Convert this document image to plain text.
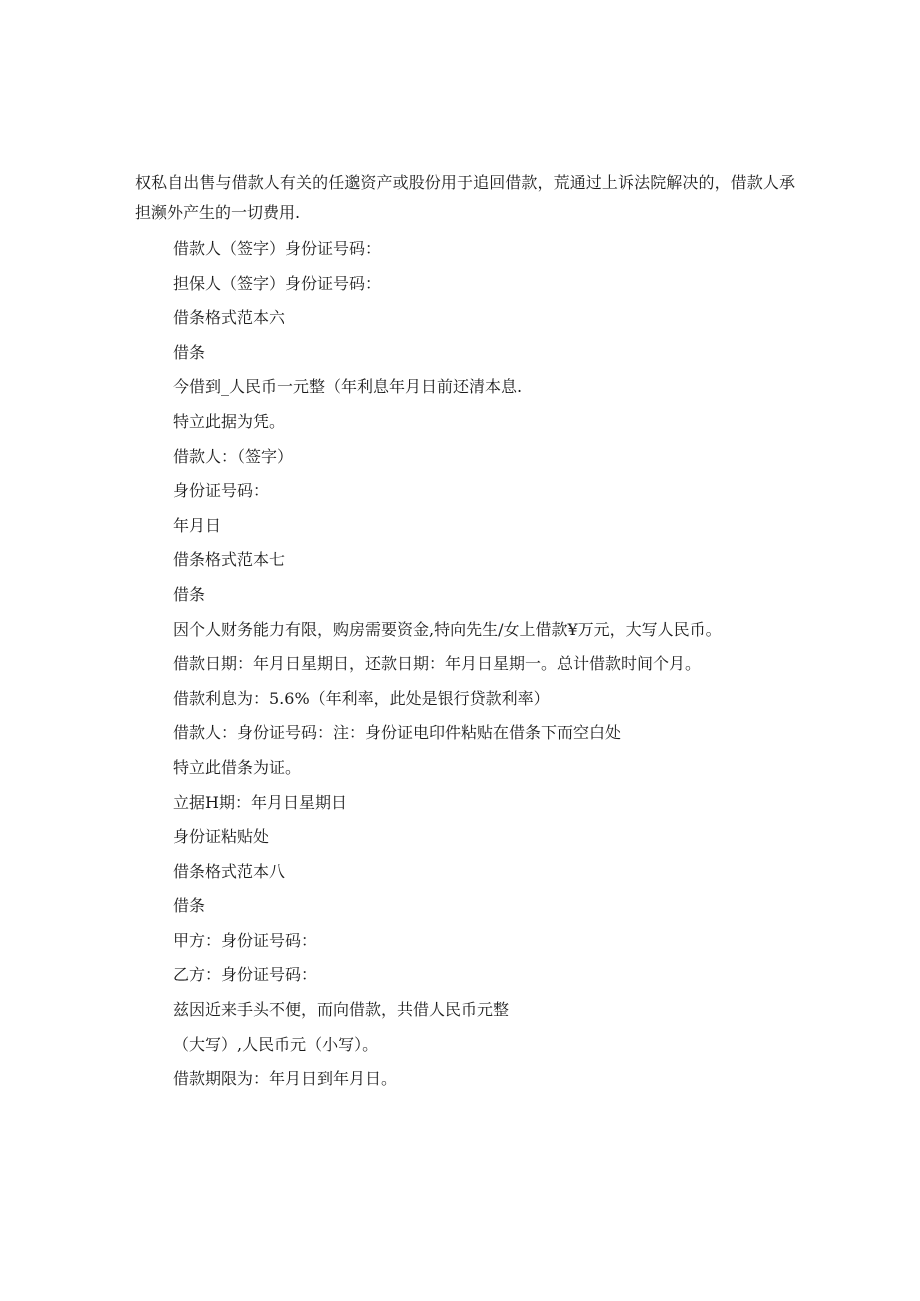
权私自出售与借款人有关的任邈资产或股份用于追回借款，荒通过上诉法院解决的，借款人承担濒外产生的一切费用.

借款人（签字）身份证号码：

担保人（签字）身份证号码：

借条格式范本六

借条

今借到_人民币一元整（年利息年月日前还清本息.

特立此据为凭。

借款人：（签字）

身份证号码：

年月日

借条格式范本七

借条

因个人财务能力有限，购房需要资金,特向先生/女上借款¥万元，大写人民币。

借款日期：年月日星期日，还款日期：年月日星期一。总计借款时间个月。

借款利息为：5.6%（年利率，此处是银行贷款利率）

借款人：身份证号码：注：身份证电印件粘贴在借条下而空白处

特立此借条为证。

立据H期：年月日星期日

身份证粘贴处

借条格式范本八

借条

甲方：身份证号码：

乙方：身份证号码：

兹因近来手头不便，而向借款，共借人民币元整

（大写）,人民币元（小写）。

借款期限为：年月日到年月日。
